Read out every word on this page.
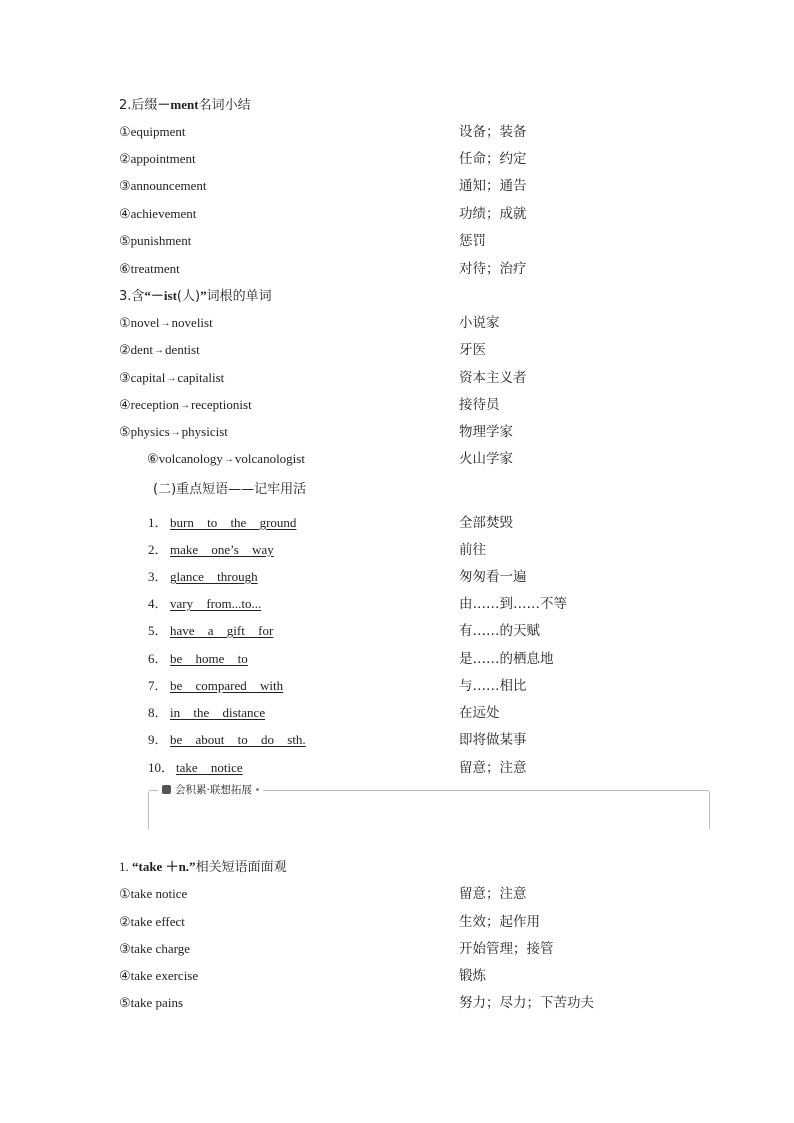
2.后缀－ment名词小结
①equipment	设备；装备
②appointment	任命；约定
③announcement	通知；通告
④achievement	功绩；成就
⑤punishment	惩罚
⑥treatment	对待；治疗
3.含“－ist(人)”词根的单词
①novel→novelist	小说家
②dent→dentist	牙医
③capital→capitalist	资本主义者
④reception→receptionist	接待员
⑤physics→physicist	物理学家
⑥volcanology→volcanologist	火山学家
(二)重点短语——记牢用活
1． burn to the ground	全部焚毁
2． make one’s way	前往
3． glance through	匆匆看一遍
4． vary from...to...	由……到……不等
5． have a gift for	有……的天赋
6． be home to	是……的栖息地
7． be compared with	与……相比
8． in the distance	在远处
9． be about to do sth.	即将做某事
10． take notice	留意；注意
会积累·联想拓展
1. “take ＋n.”相关短语面面观
①take notice	留意；注意
②take effect	生效；起作用
③take charge	开始管理；接管
④take exercise	锻炼
⑤take pains	努力；尽力；下苦功夫
